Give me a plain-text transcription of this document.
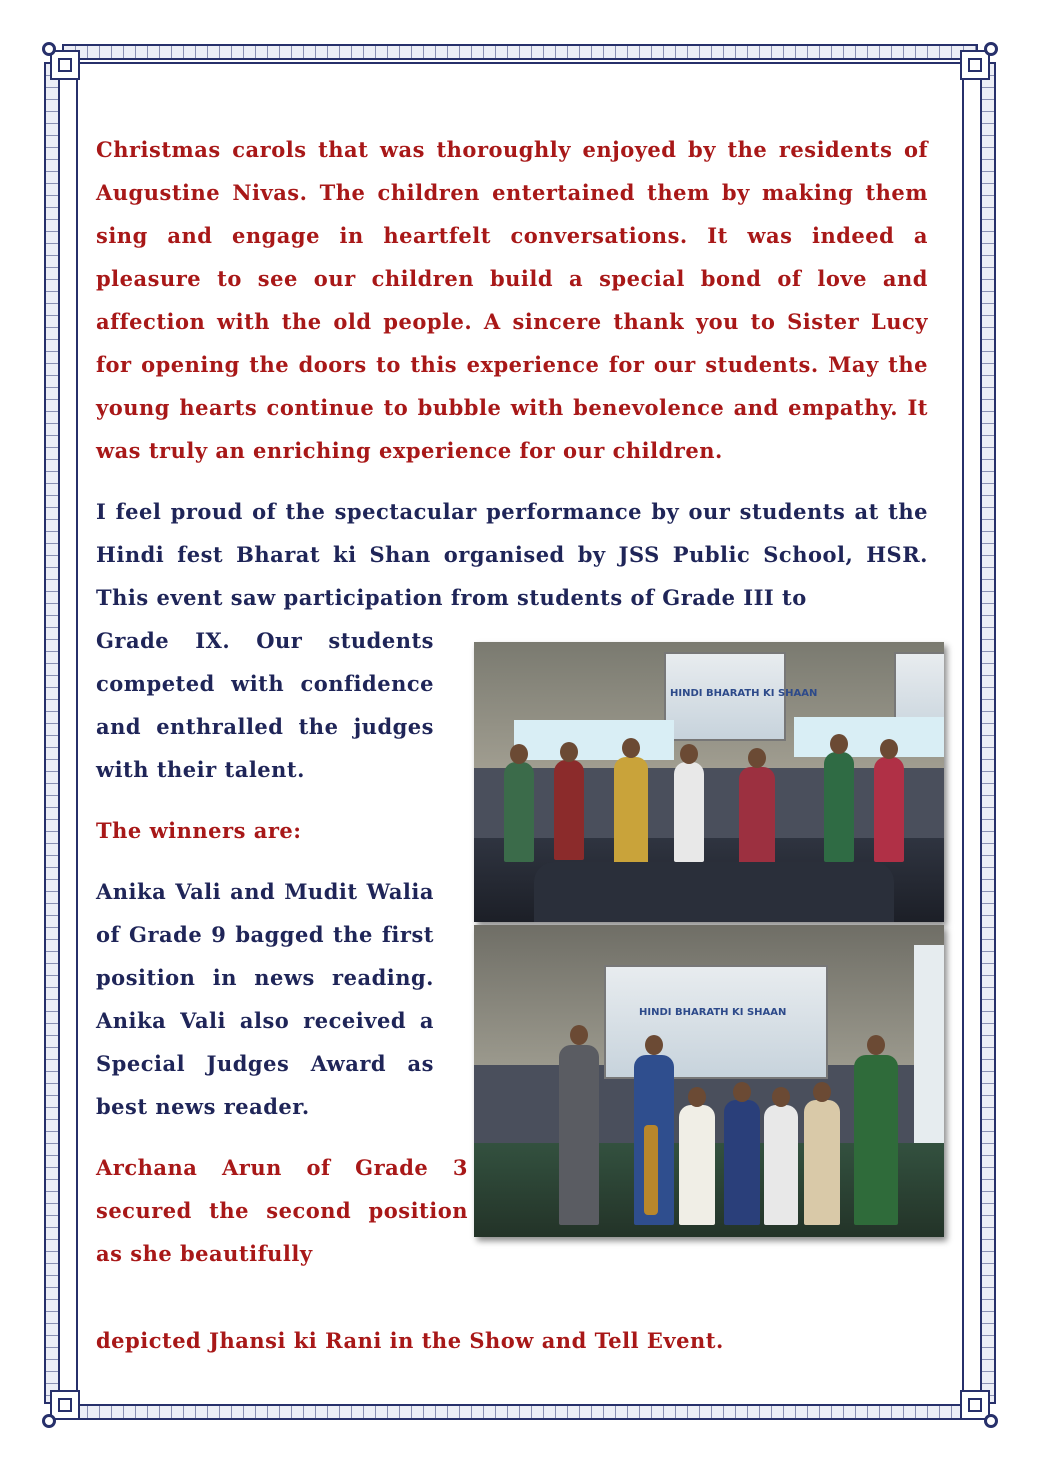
Christmas carols that was thoroughly enjoyed by the residents of Augustine Nivas. The children entertained them by making them sing and engage in heartfelt conversations. It was indeed a pleasure to see our children build a special bond of love and affection with the old people. A sincere thank you to Sister Lucy for opening the doors to this experience for our students. May the young hearts continue to bubble with benevolence and empathy. It was truly an enriching experience for our children.

I feel proud of the spectacular performance by our students at the Hindi fest Bharat ki Shan organised by JSS Public School, HSR. This event saw participation from students of Grade III to

Grade IX. Our students competed with confidence and enthralled the judges with their talent.

The winners are:

Anika Vali and Mudit Walia of Grade 9 bagged the first position in news reading. Anika Vali also received a Special Judges Award as best news reader.

Archana Arun of Grade 3 secured the second position as she beautifully

depicted Jhansi ki Rani in the Show and Tell Event.

HINDI BHARATH KI SHAAN
HINDI BHARATH KI SHAAN
